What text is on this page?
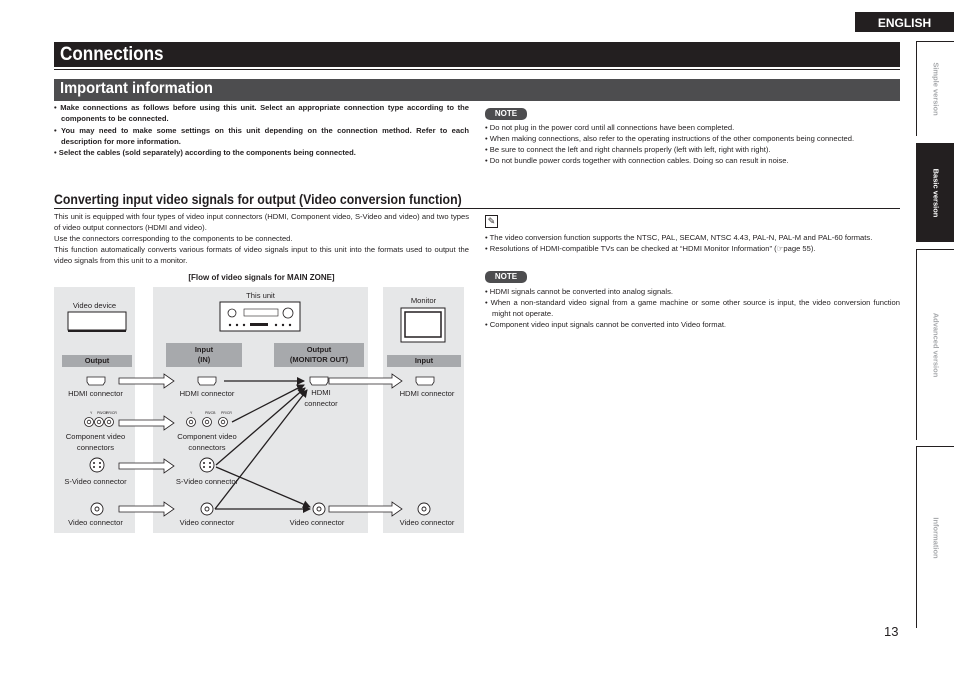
ENGLISH
Connections
Important information
• Make connections as follows before using this unit. Select an appropriate connection type according to the components to be connected.
• You may need to make some settings on this unit depending on the connection method. Refer to each description for more information.
• Select the cables (sold separately) according to the components being connected.
NOTE
• Do not plug in the power cord until all connections have been completed.
• When making connections, also refer to the operating instructions of the other components being connected.
• Be sure to connect the left and right channels properly (left with left, right with right).
• Do not bundle power cords together with connection cables. Doing so can result in noise.
Converting input video signals for output (Video conversion function)

This unit is equipped with four types of video input connectors (HDMI, Component video, S-Video and video) and two types of video output connectors (HDMI and video).

Use the connectors corresponding to the components to be connected.

This function automatically converts various formats of video signals input to this unit into the formats used to output the video signals from this unit to a monitor.

[Flow of video signals for MAIN ZONE]
Video device
This unit
Monitor
Output
Input
(IN)
Output
(MONITOR OUT)	Input
HDMI connector	HDMI connector	HDMI
connector
HDMI connector
Component video
connectors
Component video
connectors
S-Video connector	S-Video connector
Video connector	Video connector	Video connector	Video connector
Y PB/CB
PR/CR	Y	PB/CB PR/CR
✎
• The video conversion function supports the NTSC, PAL, SECAM, NTSC 4.43, PAL-N, PAL-M and PAL-60 formats.
• Resolutions of HDMI-compatible TVs can be checked at “HDMI Monitor Information” (☞page 55).
NOTE
• HDMI signals cannot be converted into analog signals.
• When a non-standard video signal from a game machine or some other source is input, the video conversion function might not operate.
• Component video input signals cannot be converted into Video format.
Simple version
Basic version
Advanced version
Information
13
